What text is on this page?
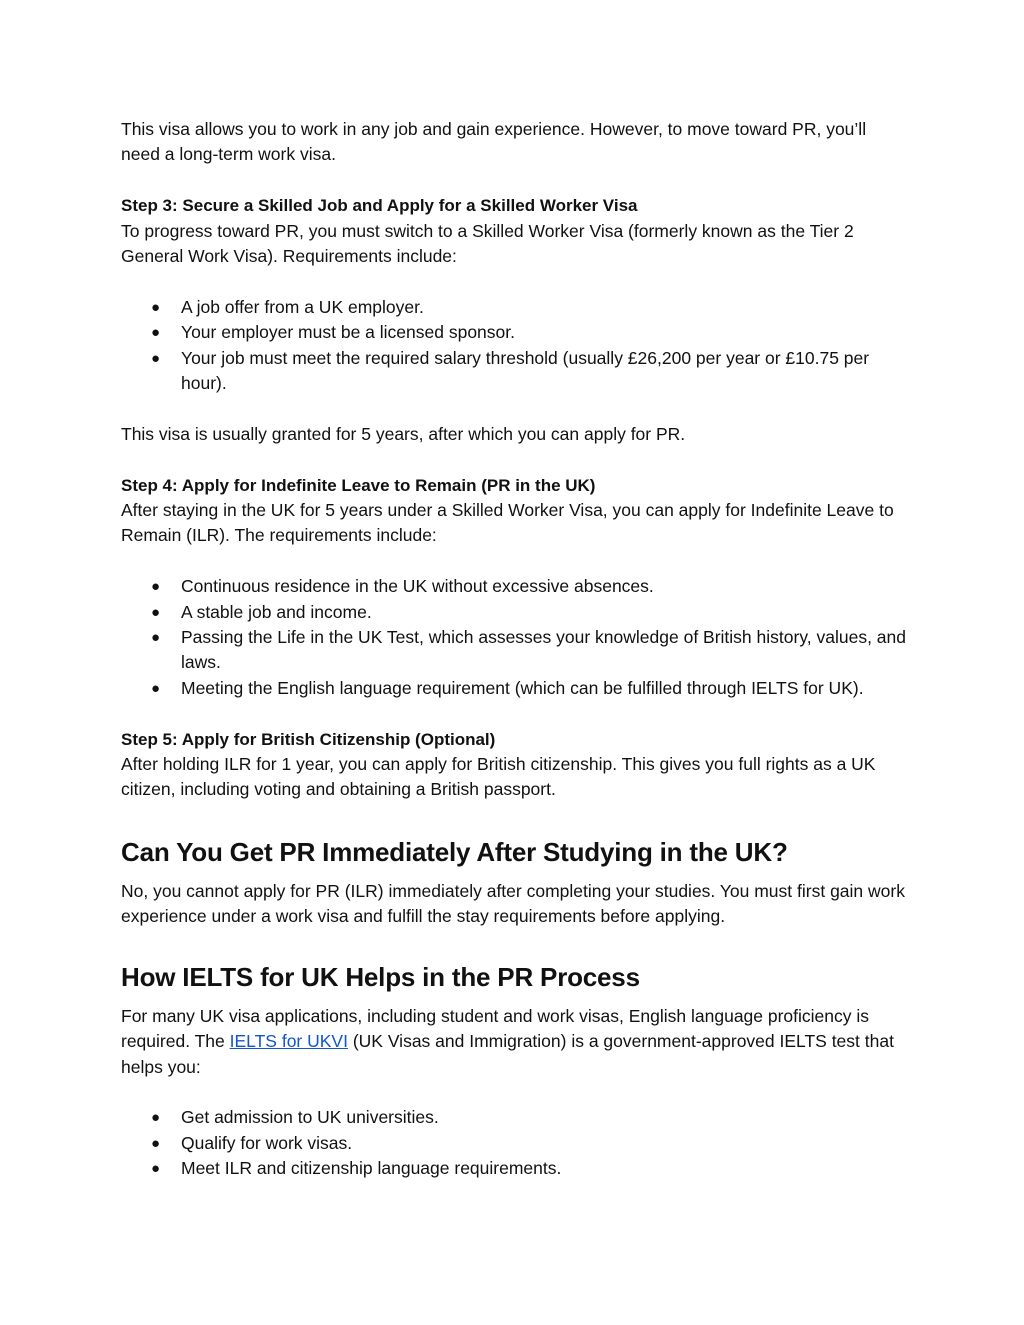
This visa allows you to work in any job and gain experience. However, to move toward PR, you’ll need a long-term work visa.

Step 3: Secure a Skilled Job and Apply for a Skilled Worker Visa

To progress toward PR, you must switch to a Skilled Worker Visa (formerly known as the Tier 2 General Work Visa). Requirements include:

● A job offer from a UK employer.
● Your employer must be a licensed sponsor.
● Your job must meet the required salary threshold (usually £26,200 per year or £10.75 per hour).

This visa is usually granted for 5 years, after which you can apply for PR.

Step 4: Apply for Indefinite Leave to Remain (PR in the UK)

After staying in the UK for 5 years under a Skilled Worker Visa, you can apply for Indefinite Leave to Remain (ILR). The requirements include:

● Continuous residence in the UK without excessive absences.
● A stable job and income.
● Passing the Life in the UK Test, which assesses your knowledge of British history, values, and laws.
● Meeting the English language requirement (which can be fulfilled through IELTS for UK).

Step 5: Apply for British Citizenship (Optional)

After holding ILR for 1 year, you can apply for British citizenship. This gives you full rights as a UK citizen, including voting and obtaining a British passport.

Can You Get PR Immediately After Studying in the UK?

No, you cannot apply for PR (ILR) immediately after completing your studies. You must first gain work experience under a work visa and fulfill the stay requirements before applying.

How IELTS for UK Helps in the PR Process

For many UK visa applications, including student and work visas, English language proficiency is required. The IELTS for UKVI (UK Visas and Immigration) is a government-approved IELTS test that helps you:

● Get admission to UK universities.
● Qualify for work visas.
● Meet ILR and citizenship language requirements.
